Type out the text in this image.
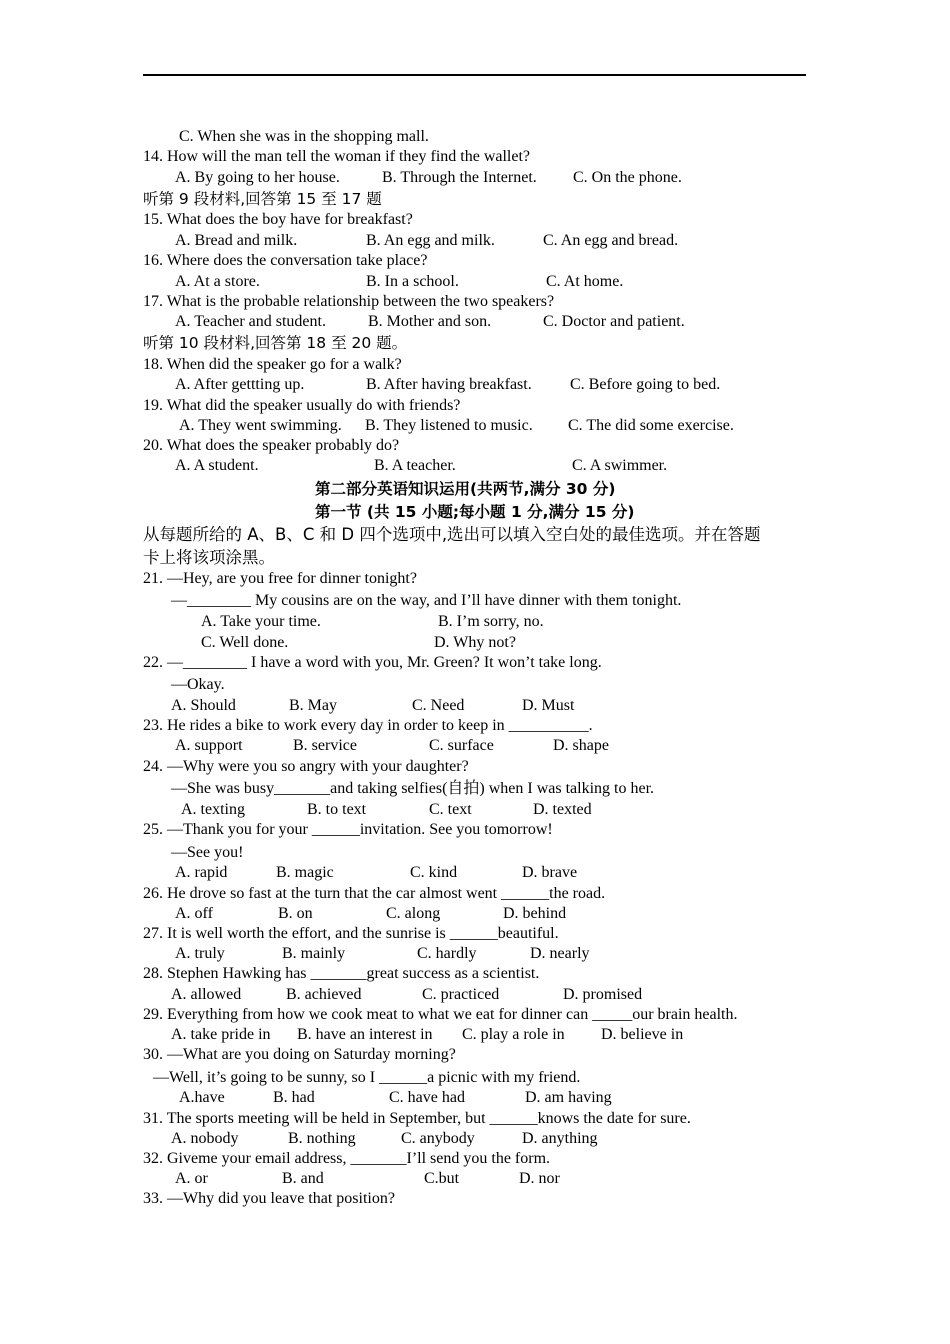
C. When she was in the shopping mall.
14. How will the man tell the woman if they find the wallet?
A. By going to her house.	B. Through the Internet. C. On the phone.
听第 9 段材料,回答第 15 至 17 题
15. What does the boy have for breakfast?
A. Bread and milk.	B. An egg and milk.	C. An egg and bread.
16. Where does the conversation take place?
A. At a store.	B. In a school.	C. At home.
17. What is the probable relationship between the two speakers?
A. Teacher and student.	B. Mother and son.	C. Doctor and patient.
听第 10 段材料,回答第 18 至 20 题。
18. When did the speaker go for a walk?
A. After gettting up.	B. After having breakfast. C. Before going to bed.
19. What did the speaker usually do with friends?
A. They went swimming. B. They listened to music. C. The did some exercise.
20. What does the speaker probably do?
A. A student.	B. A teacher.	C. A swimmer.
第二部分英语知识运用(共两节,满分 30 分)
第一节 (共 15 小题;每小题 1 分,满分 15 分)
从每题所给的 A、B、C 和 D 四个选项中,选出可以填入空白处的最佳选项。并在答题
卡上将该项涂黑。
21. —Hey, are you free for dinner tonight?
—________ My cousins are on the way, and I’ll have dinner with them tonight.
A. Take your time.	B. I’m sorry, no.
C. Well done.	D. Why not?
22. —________ I have a word with you, Mr. Green? It won’t take long.
—Okay.
A. Should	B. May	C. Need	D. Must
23. He rides a bike to work every day in order to keep in __________.
A. support	B. service	C. surface	D. shape
24. —Why were you so angry with your daughter?
—She was busy_______and taking selfies(自拍) when I was talking to her.
A. texting	B. to text	C. text	D. texted
25. —Thank you for your ______invitation. See you tomorrow!
—See you!
A. rapid	B. magic	C. kind	D. brave
26. He drove so fast at the turn that the car almost went ______the road.
A. off	B. on	C. along	D. behind
27. It is well worth the effort, and the sunrise is ______beautiful.
A. truly	B. mainly	C. hardly	D. nearly
28. Stephen Hawking has _______great success as a scientist.
A. allowed	B. achieved	C. practiced	D. promised
29. Everything from how we cook meat to what we eat for dinner can _____our brain health.
A. take pride in B. have an interest in C. play a role in D. believe in
30. —What are you doing on Saturday morning?
—Well, it’s going to be sunny, so I ______a picnic with my friend.
A.have	B. had	C. have had	D. am having
31. The sports meeting will be held in September, but ______knows the date for sure.
A. nobody	B. nothing	C. anybody	D. anything
32. Giveme your email address, _______I’ll send you the form.
A. or	B. and	C.but	D. nor
33. —Why did you leave that position?
